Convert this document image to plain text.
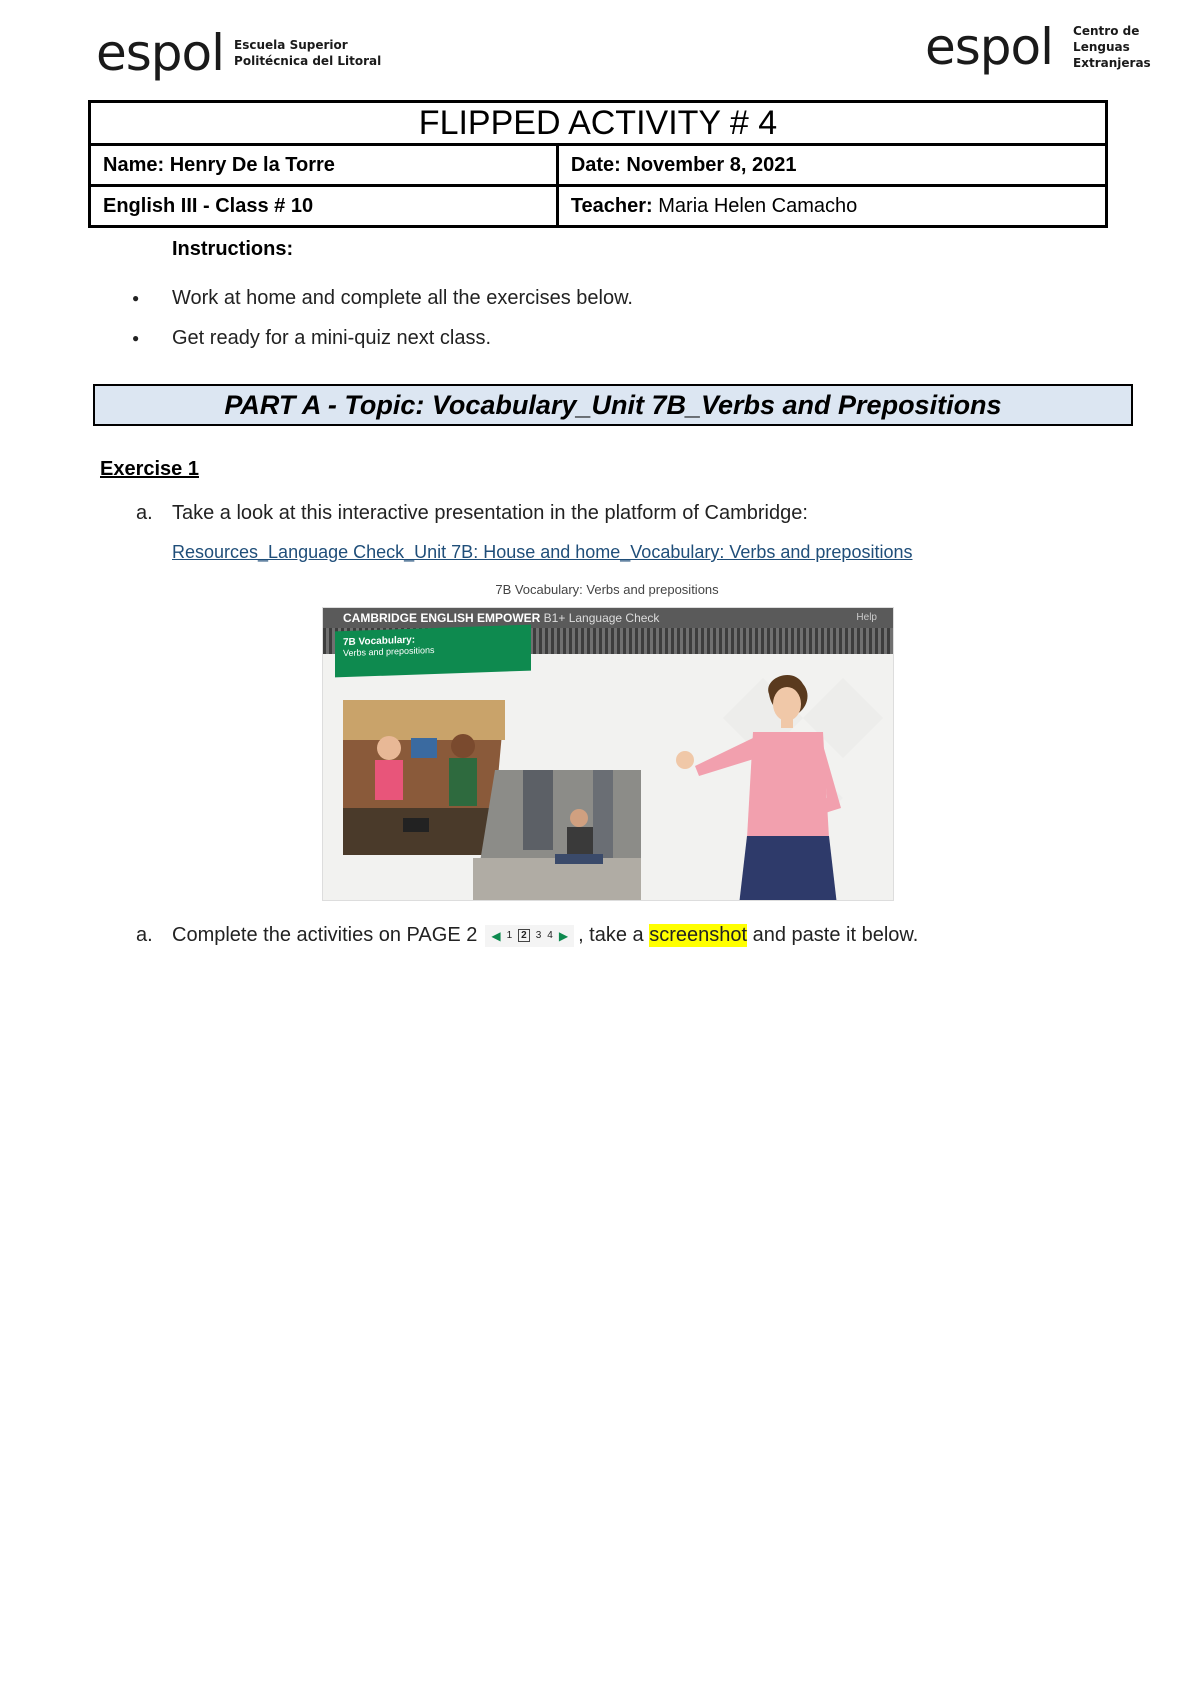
espol Escuela Superior
Politécnica del Litoral	espol Centro de
Lenguas Extranjeras
FLIPPED ACTIVITY # 4	
Name: Henry De la Torre	Date: November 8, 2021
English III - Class # 10	Teacher: Maria Helen Camacho
Instructions:
● Work at home and complete all the exercises below.
● Get ready for a mini-quiz next class.
PART A - Topic: Vocabulary_Unit 7B_Verbs and Prepositions
Exercise 1
a. Take a look at this interactive presentation in the platform of Cambridge:
Resources_Language Check_Unit 7B: House and home_Vocabulary: Verbs and prepositions
7B Vocabulary: Verbs and prepositions
CAMBRIDGE ENGLISH EMPOWER B1+ Language Check	Help
7B Vocabulary:
Verbs and prepositions
a. Complete the activities on PAGE 2 ◀ 1 2 3 4 ▶ , take a screenshot and paste it below.
